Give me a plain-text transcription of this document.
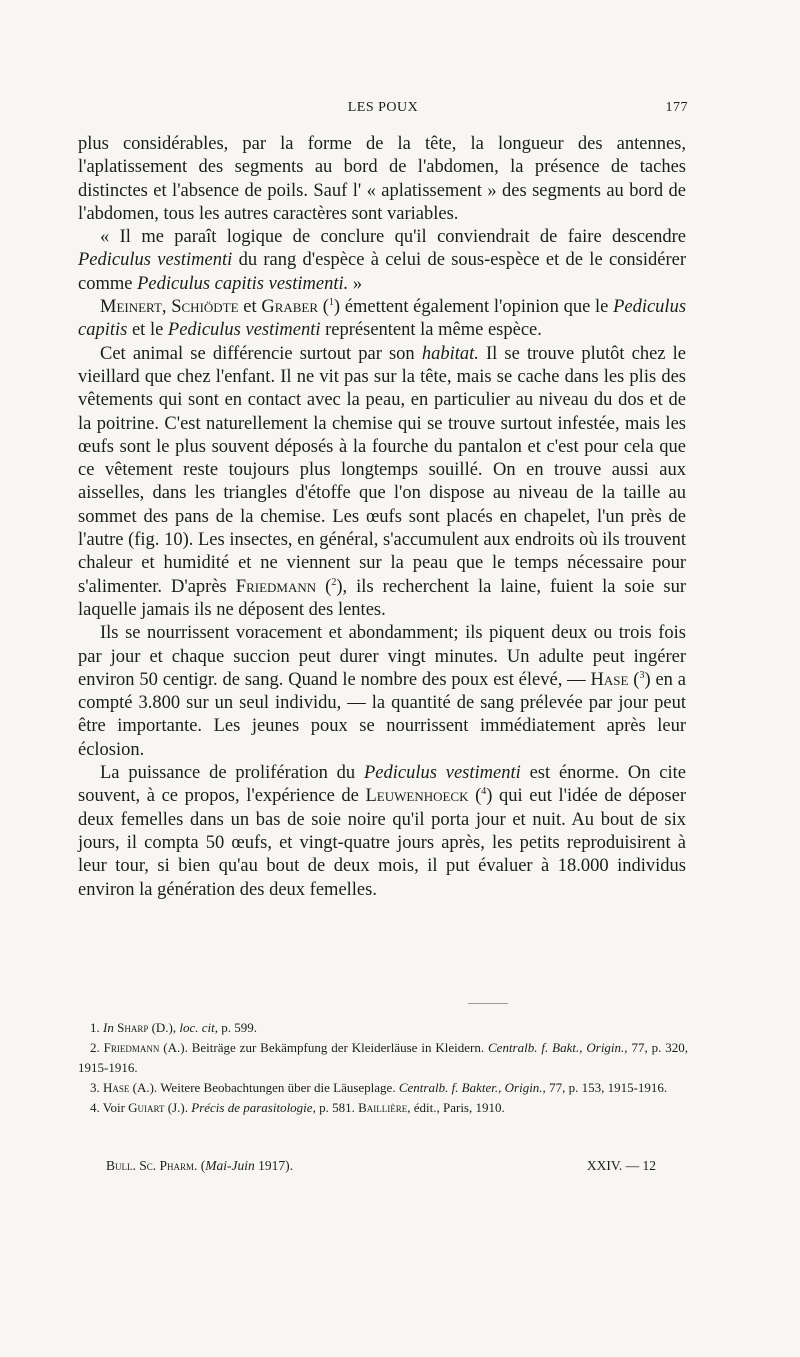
LES POUX	177

plus considérables, par la forme de la tête, la longueur des antennes, l'aplatissement des segments au bord de l'abdomen, la présence de taches distinctes et l'absence de poils. Sauf l' « aplatissement » des segments au bord de l'abdomen, tous les autres caractères sont variables.

« Il me paraît logique de conclure qu'il conviendrait de faire descendre Pediculus vestimenti du rang d'espèce à celui de sous-espèce et de le considérer comme Pediculus capitis vestimenti. »

Meinert, Schiödte et Graber ($^1$) émettent également l'opinion que le Pediculus capitis et le Pediculus vestimenti représentent la même espèce.

Cet animal se différencie surtout par son habitat. Il se trouve plutôt chez le vieillard que chez l'enfant. Il ne vit pas sur la tête, mais se cache dans les plis des vêtements qui sont en contact avec la peau, en particulier au niveau du dos et de la poitrine. C'est naturellement la chemise qui se trouve surtout infestée, mais les œufs sont le plus souvent déposés à la fourche du pantalon et c'est pour cela que ce vêtement reste toujours plus longtemps souillé. On en trouve aussi aux aisselles, dans les triangles d'étoffe que l'on dispose au niveau de la taille au sommet des pans de la chemise. Les œufs sont placés en chapelet, l'un près de l'autre (fig. 10). Les insectes, en général, s'accumulent aux endroits où ils trouvent chaleur et humidité et ne viennent sur la peau que le temps nécessaire pour s'alimenter. D'après Friedmann ($^2$), ils recherchent la laine, fuient la soie sur laquelle jamais ils ne déposent des lentes.

Ils se nourrissent voracement et abondamment; ils piquent deux ou trois fois par jour et chaque succion peut durer vingt minutes. Un adulte peut ingérer environ 50 centigr. de sang. Quand le nombre des poux est élevé, — Hase ($^3$) en a compté 3.800 sur un seul individu, — la quantité de sang prélevée par jour peut être importante. Les jeunes poux se nourrissent immédiatement après leur éclosion.

La puissance de prolifération du Pediculus vestimenti est énorme. On cite souvent, à ce propos, l'expérience de Leuwenhoeck ($^4$) qui eut l'idée de déposer deux femelles dans un bas de soie noire qu'il porta jour et nuit. Au bout de six jours, il compta 50 œufs, et vingt-quatre jours après, les petits reproduisirent à leur tour, si bien qu'au bout de deux mois, il put évaluer à 18.000 individus environ la génération des deux femelles.

1. In Sharp (D.), loc. cit, p. 599.

2. Friedmann (A.). Beiträge zur Bekämpfung der Kleiderläuse in Kleidern. Centralb. f. Bakt., Origin., 77, p. 320, 1915-1916.

3. Hase (A.). Weitere Beobachtungen über die Läuseplage. Centralb. f. Bakter., Origin., 77, p. 153, 1915-1916.

4. Voir Guiart (J.). Précis de parasitologie, p. 581. Baillière, édit., Paris, 1910.

Bull. Sc. Pharm. (Mai-Juin 1917).	XXIV. — 12
